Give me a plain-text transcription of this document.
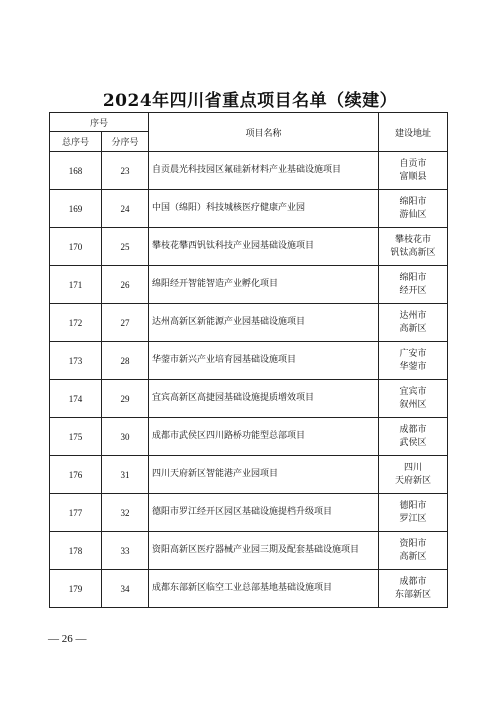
2024年四川省重点项目名单（续建）
序号		项目名称	建设地址
总序号	分序号		
168	23	自贡晨光科技园区氟硅新材料产业基础设施项目	自贡市
富顺县

169	24	中国（绵阳）科技城核医疗健康产业园	绵阳市
游仙区

170	25	攀枝花攀西钒钛科技产业园基础设施项目	攀枝花市
钒钛高新区

171	26	绵阳经开智能智造产业孵化项目	绵阳市
经开区

172	27	达州高新区新能源产业园基础设施项目	达州市
高新区

173	28	华蓥市新兴产业培育园基础设施项目	广安市
华蓥市

174	29	宜宾高新区高捷园基础设施提质增效项目	宜宾市
叙州区

175	30	成都市武侯区四川路桥功能型总部项目	成都市
武侯区

176	31	四川天府新区智能港产业园项目	四川
天府新区

177	32	德阳市罗江经开区园区基础设施提档升级项目	德阳市
罗江区

178	33	资阳高新区医疗器械产业园三期及配套基础设施项目	资阳市
高新区

179	34	成都东部新区临空工业总部基地基础设施项目	成都市
东部新区
— 26 —
